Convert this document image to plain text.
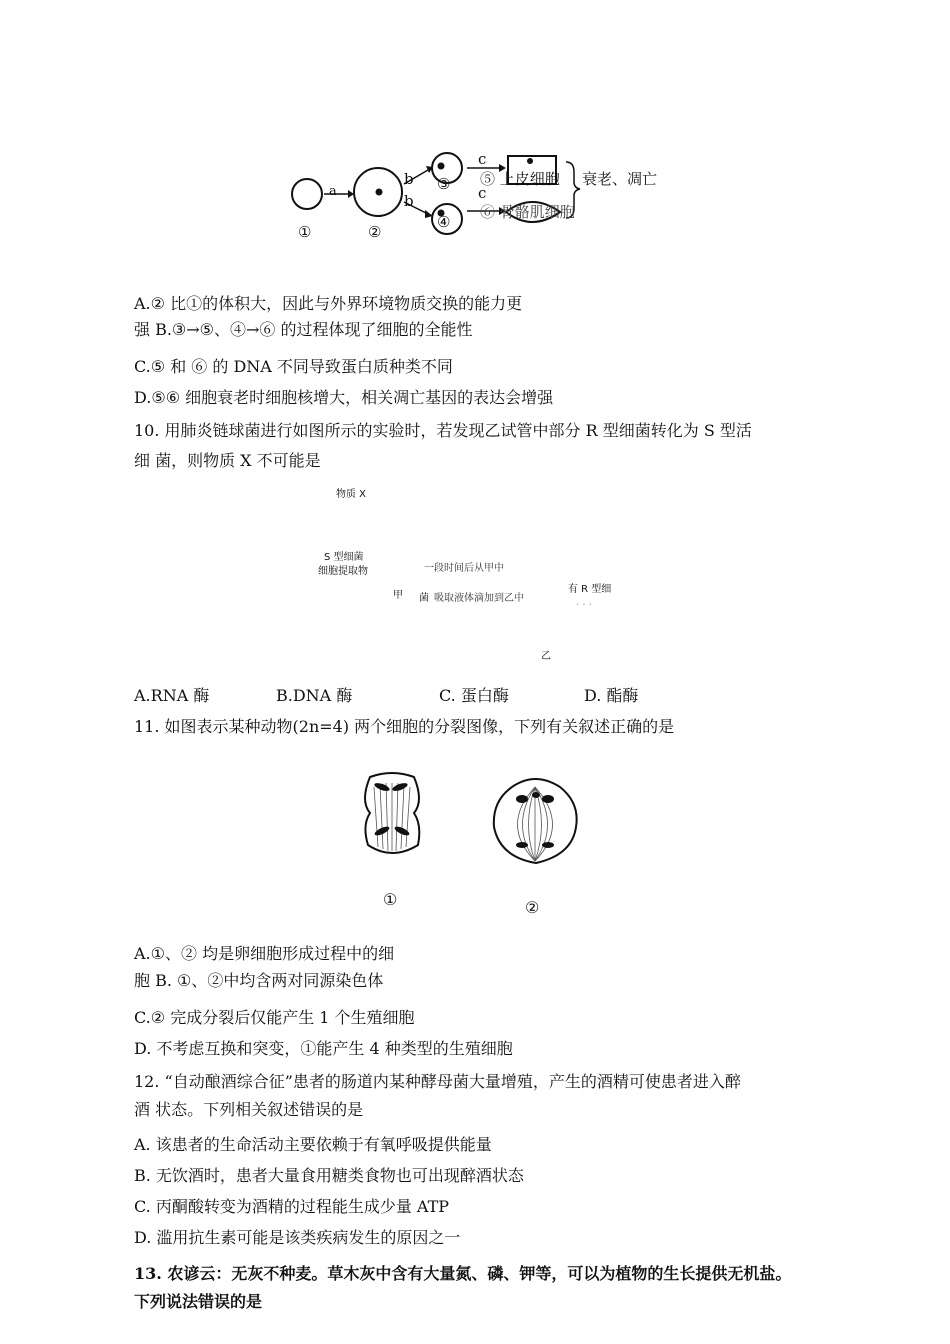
a
b
b
c
c
③
④
①	②
⑤ 上皮细胞
⑥ 骨骼肌细胞
衰老、凋亡
A.② 比①的体积大，因此与外界环境物质交换的能力更
强 B.③→⑤、④→⑥ 的过程体现了细胞的全能性
C.⑤ 和 ⑥ 的 DNA 不同导致蛋白质种类不同
D.⑤⑥ 细胞衰老时细胞核增大，相关凋亡基因的表达会增强
10. 用肺炎链球菌进行如图所示的实验时，若发现乙试管中部分 R 型细菌转化为 S 型活
细 菌，则物质 X 不可能是
物质 X
S 型细菌
细胞提取物	一段时间后从甲中
甲 菌 吸取液体滴加到乙中
有 R 型细
· · ·
乙
A.RNA 酶	B.DNA 酶	C. 蛋白酶	D. 酯酶
11. 如图表示某种动物(2n=4) 两个细胞的分裂图像，下列有关叙述正确的是
①	②
A.①、② 均是卵细胞形成过程中的细
胞 B. ①、②中均含两对同源染色体
C.② 完成分裂后仅能产生 1 个生殖细胞
D. 不考虑互换和突变，①能产生 4 种类型的生殖细胞
12. “自动酿酒综合征”患者的肠道内某种酵母菌大量增殖，产生的酒精可使患者进入醉
酒 状态。下列相关叙述错误的是
A. 该患者的生命活动主要依赖于有氧呼吸提供能量
B. 无饮酒时，患者大量食用糖类食物也可出现醉酒状态
C. 丙酮酸转变为酒精的过程能生成少量 ATP
D. 滥用抗生素可能是该类疾病发生的原因之一
13. 农谚云：无灰不种麦。草木灰中含有大量氮、磷、钾等，可以为植物的生长提供无机盐。
下列说法错误的是
